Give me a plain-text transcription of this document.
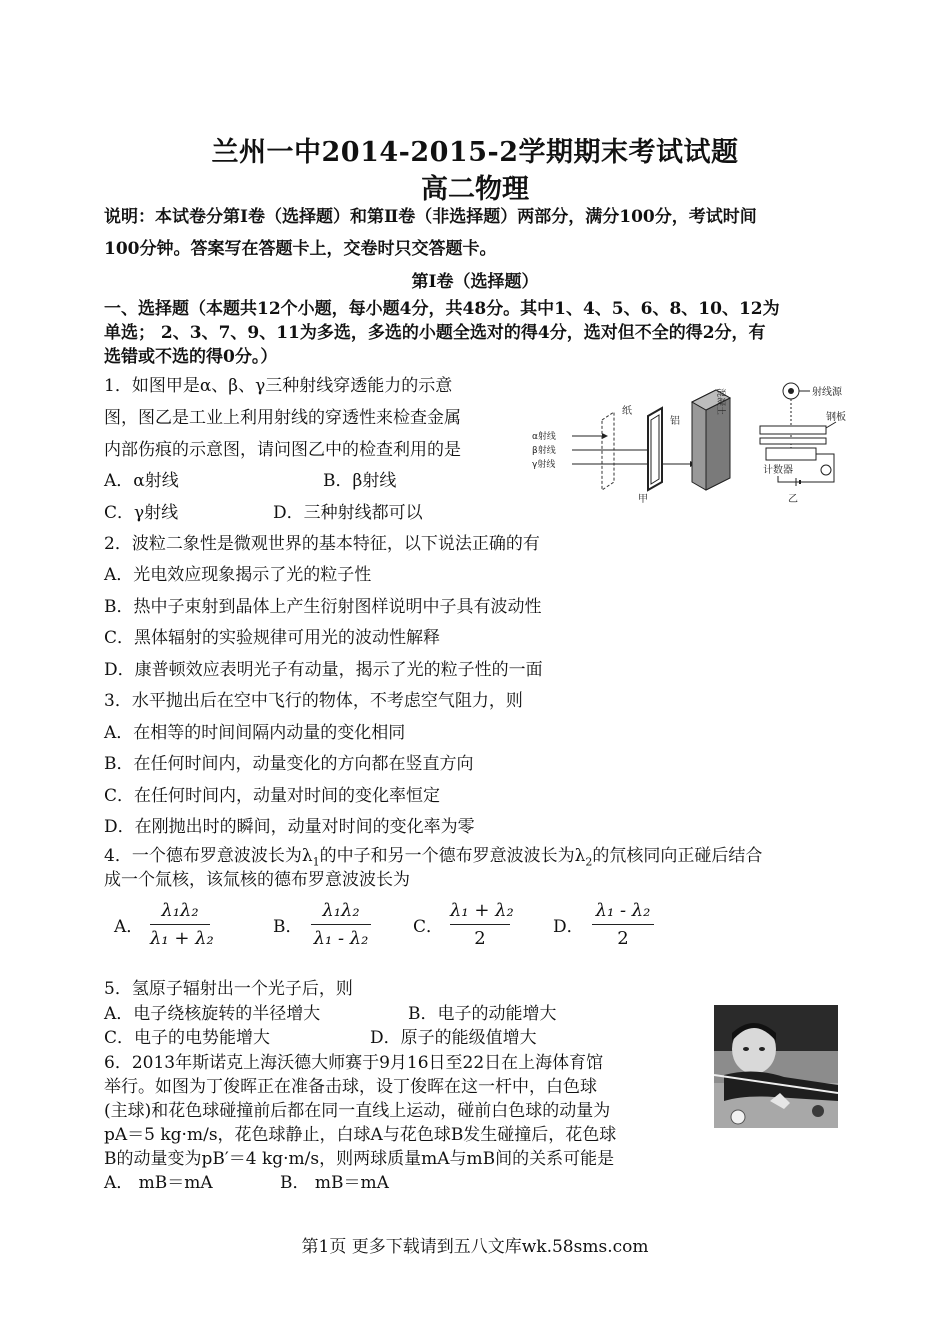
兰州一中2014-2015-2学期期末考试试题
高二物理
说明：本试卷分第Ⅰ卷（选择题）和第Ⅱ卷（非选择题）两部分，满分100分，考试时间
100分钟。答案写在答题卡上，交卷时只交答题卡。
第Ⅰ卷（选择题）
一、选择题（本题共12个小题，每小题4分，共48分。其中1、4、5、6、8、10、12为
单选； 2、3、7、9、11为多选，多选的小题全选对的得4分，选对但不全的得2分，有
选错或不选的得0分。）
1．如图甲是α、β、γ三种射线穿透能力的示意
图，图乙是工业上利用射线的穿透性来检查金属
内部伤痕的示意图，请问图乙中的检查利用的是
A．α射线	B．β射线
C．γ射线	D．三种射线都可以
α射线
β射线
γ射线
纸
铝
混凝土
甲
射线源
钢板
计数器
乙
2．波粒二象性是微观世界的基本特征，以下说法正确的有
A．光电效应现象揭示了光的粒子性
B．热中子束射到晶体上产生衍射图样说明中子具有波动性
C．黑体辐射的实验规律可用光的波动性解释
D．康普顿效应表明光子有动量，揭示了光的粒子性的一面
3．水平抛出后在空中飞行的物体，不考虑空气阻力，则
A．在相等的时间间隔内动量的变化相同
B．在任何时间内，动量变化的方向都在竖直方向
C．在任何时间内，动量对时间的变化率恒定
D．在刚抛出时的瞬间，动量对时间的变化率为零
4．一个德布罗意波波长为$\lambda_1$的中子和另一个德布罗意波波长为$\lambda_2$的氘核同向正碰后结合
成一个氚核，该氚核的德布罗意波波长为
A．
λ₁λ₂
λ₁ + λ₂
B．
λ₁λ₂
λ₁ - λ₂
C．
λ₁ + λ₂
2
D．
λ₁ - λ₂
2
5．氢原子辐射出一个光子后，则
A．电子绕核旋转的半径增大	B．电子的动能增大
C．电子的电势能增大	D．原子的能级值增大
6．2013年斯诺克上海沃德大师赛于9月16日至22日在上海体育馆
举行。如图为丁俊晖正在准备击球，设丁俊晖在这一杆中，白色球
(主球)和花色球碰撞前后都在同一直线上运动，碰前白色球的动量为
pA＝5 kg·m/s，花色球静止，白球A与花色球B发生碰撞后，花色球
B的动量变为pB′＝4 kg·m/s，则两球质量mA与mB间的关系可能是
A． mB＝mA	B． mB＝mA
第1页 更多下载请到五八文库wk.58sms.com
